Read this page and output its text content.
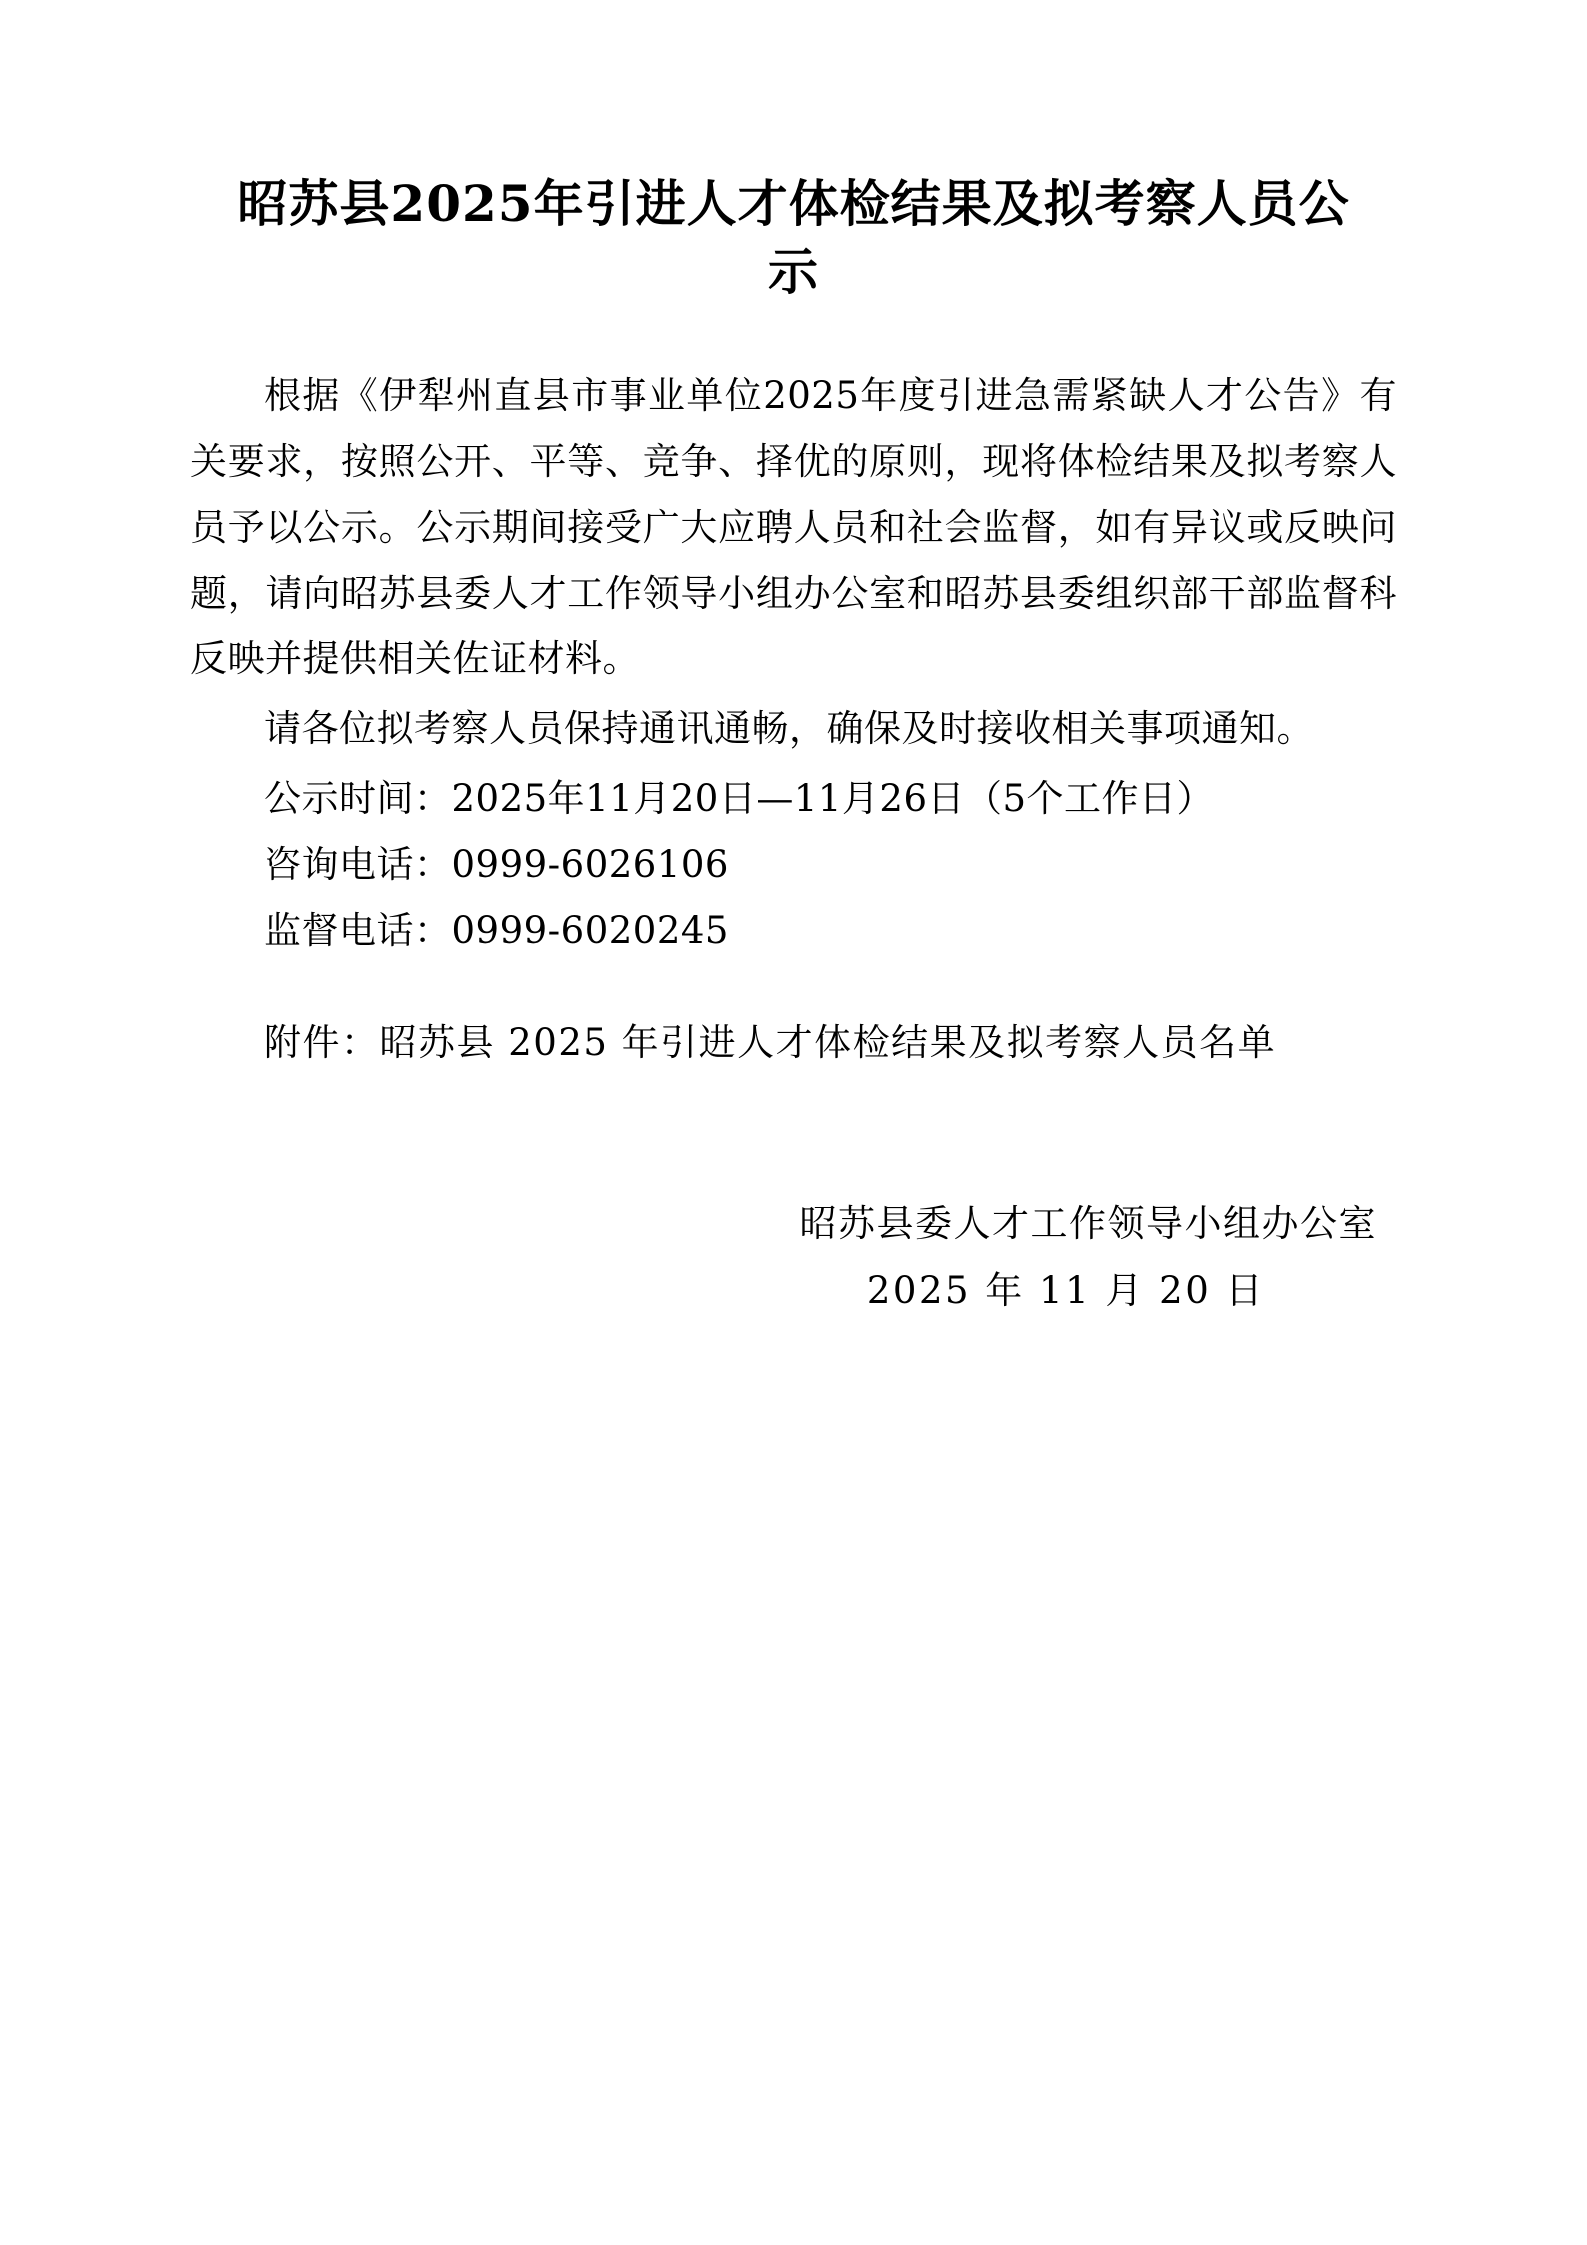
昭苏县2025年引进人才体检结果及拟考察人员公示

根据《伊犁州直县市事业单位2025年度引进急需紧缺人才公告》有关要求，按照公开、平等、竞争、择优的原则，现将体检结果及拟考察人员予以公示。公示期间接受广大应聘人员和社会监督，如有异议或反映问题，请向昭苏县委人才工作领导小组办公室和昭苏县委组织部干部监督科反映并提供相关佐证材料。

请各位拟考察人员保持通讯通畅，确保及时接收相关事项通知。

公示时间：2025年11月20日—11月26日（5个工作日）

咨询电话：0999-6026106

监督电话：0999-6020245

附件：昭苏县 2025 年引进人才体检结果及拟考察人员名单

昭苏县委人才工作领导小组办公室

2025 年 11 月 20 日
